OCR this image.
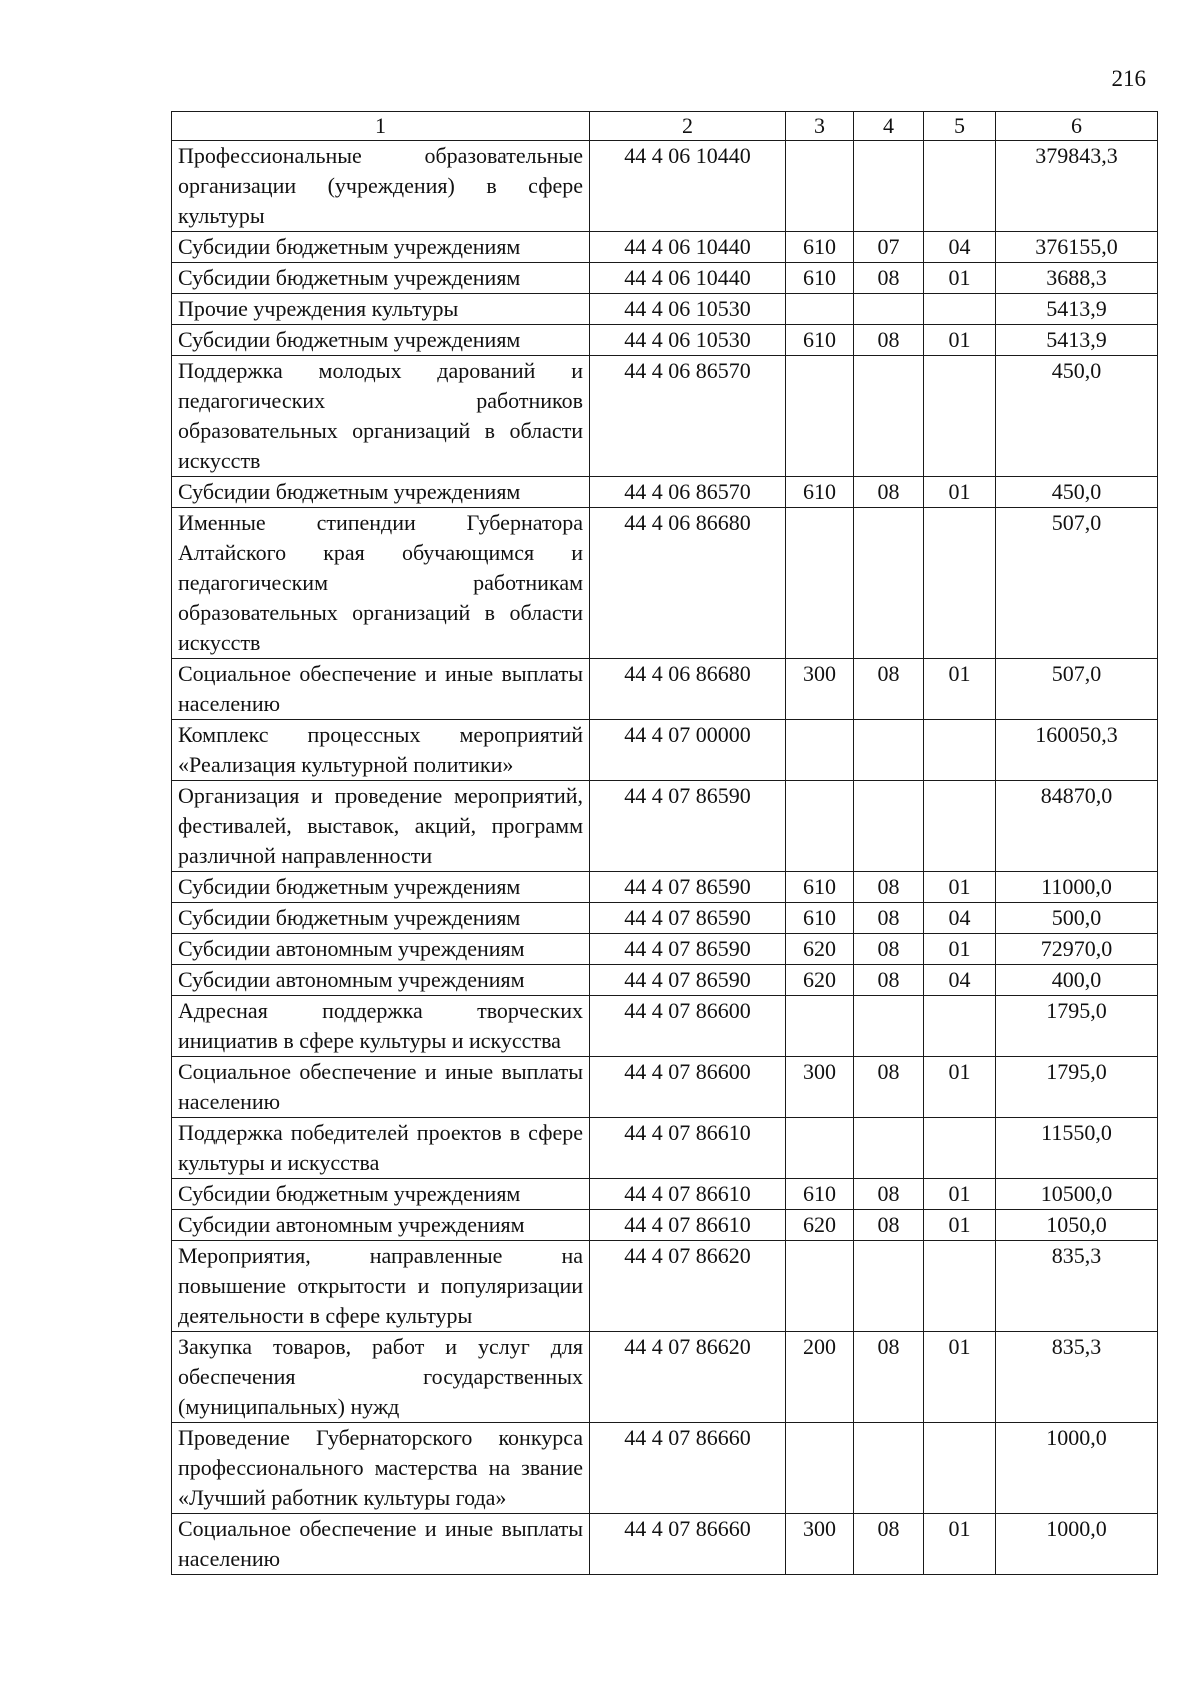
216
1	2	3	4	5	6
Профессиональные образовательные организации (учреждения) в сфере культуры	44 4 06 10440				379843,3
Субсидии бюджетным учреждениям	44 4 06 10440	610	07	04	376155,0
Субсидии бюджетным учреждениям	44 4 06 10440	610	08	01	3688,3
Прочие учреждения культуры	44 4 06 10530				5413,9
Субсидии бюджетным учреждениям	44 4 06 10530	610	08	01	5413,9
Поддержка молодых дарований и педагогических работников образовательных организаций в области искусств	44 4 06 86570				450,0
Субсидии бюджетным учреждениям	44 4 06 86570	610	08	01	450,0
Именные стипендии Губернатора Алтайского края обучающимся и педагогическим работникам образовательных организаций в области искусств	44 4 06 86680				507,0
Социальное обеспечение и иные выплаты населению	44 4 06 86680	300	08	01	507,0
Комплекс процессных мероприятий «Реализация культурной политики»	44 4 07 00000				160050,3
Организация и проведение мероприятий, фестивалей, выставок, акций, программ различной направленности	44 4 07 86590				84870,0
Субсидии бюджетным учреждениям	44 4 07 86590	610	08	01	11000,0
Субсидии бюджетным учреждениям	44 4 07 86590	610	08	04	500,0
Субсидии автономным учреждениям	44 4 07 86590	620	08	01	72970,0
Субсидии автономным учреждениям	44 4 07 86590	620	08	04	400,0
Адресная поддержка творческих инициатив в сфере культуры и искусства	44 4 07 86600				1795,0
Социальное обеспечение и иные выплаты населению	44 4 07 86600	300	08	01	1795,0
Поддержка победителей проектов в сфере культуры и искусства	44 4 07 86610				11550,0
Субсидии бюджетным учреждениям	44 4 07 86610	610	08	01	10500,0
Субсидии автономным учреждениям	44 4 07 86610	620	08	01	1050,0
Мероприятия, направленные на повышение открытости и популяризации деятельности в сфере культуры	44 4 07 86620				835,3
Закупка товаров, работ и услуг для обеспечения государственных (муниципальных) нужд	44 4 07 86620	200	08	01	835,3
Проведение Губернаторского конкурса профессионального мастерства на звание «Лучший работник культуры года»	44 4 07 86660				1000,0
Социальное обеспечение и иные выплаты населению	44 4 07 86660	300	08	01	1000,0
